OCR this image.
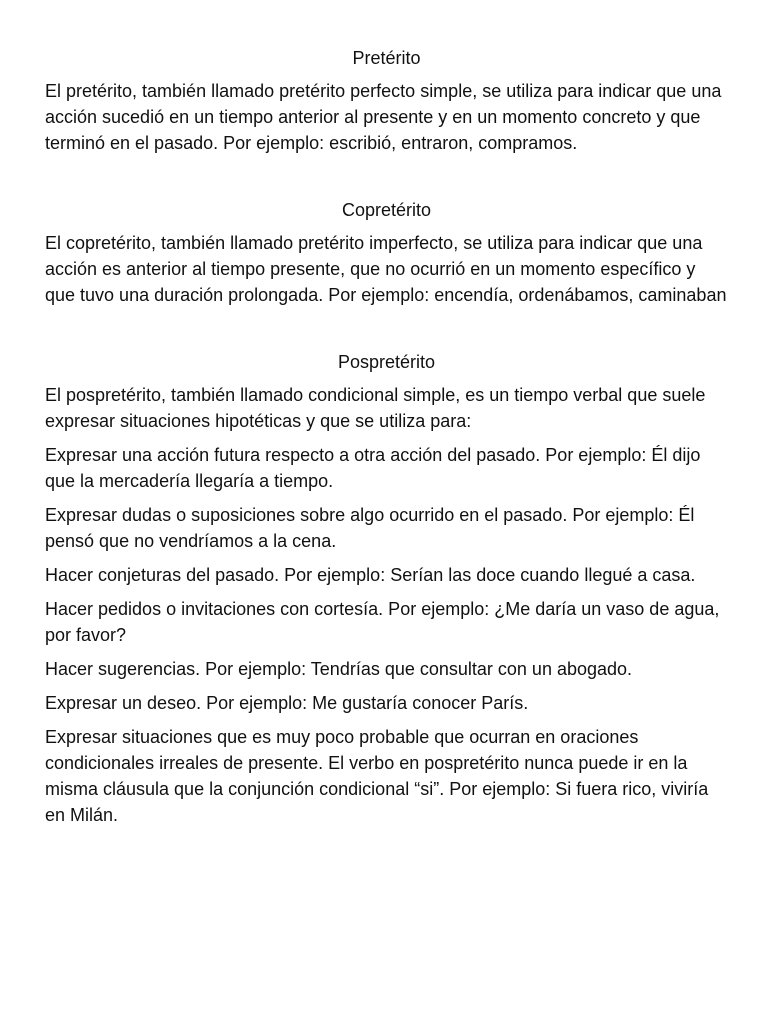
Pretérito

El pretérito, también llamado pretérito perfecto simple, se utiliza para indicar que una acción sucedió en un tiempo anterior al presente y en un momento concreto y que terminó en el pasado. Por ejemplo: escribió, entraron, compramos.

Copretérito

El copretérito, también llamado pretérito imperfecto, se utiliza para indicar que una acción es anterior al tiempo presente, que no ocurrió en un momento específico y que tuvo una duración prolongada. Por ejemplo: encendía, ordenábamos, caminaban

Pospretérito

El pospretérito, también llamado condicional simple, es un tiempo verbal que suele expresar situaciones hipotéticas y que se utiliza para:

Expresar una acción futura respecto a otra acción del pasado. Por ejemplo: Él dijo que la mercadería llegaría a tiempo.

Expresar dudas o suposiciones sobre algo ocurrido en el pasado. Por ejemplo: Él pensó que no vendríamos a la cena.

Hacer conjeturas del pasado. Por ejemplo: Serían las doce cuando llegué a casa.

Hacer pedidos o invitaciones con cortesía. Por ejemplo: ¿Me daría un vaso de agua, por favor?

Hacer sugerencias. Por ejemplo: Tendrías que consultar con un abogado.

Expresar un deseo. Por ejemplo: Me gustaría conocer París.

Expresar situaciones que es muy poco probable que ocurran en oraciones condicionales irreales de presente. El verbo en pospretérito nunca puede ir en la misma cláusula que la conjunción condicional “si”. Por ejemplo: Si fuera rico, viviría en Milán.
